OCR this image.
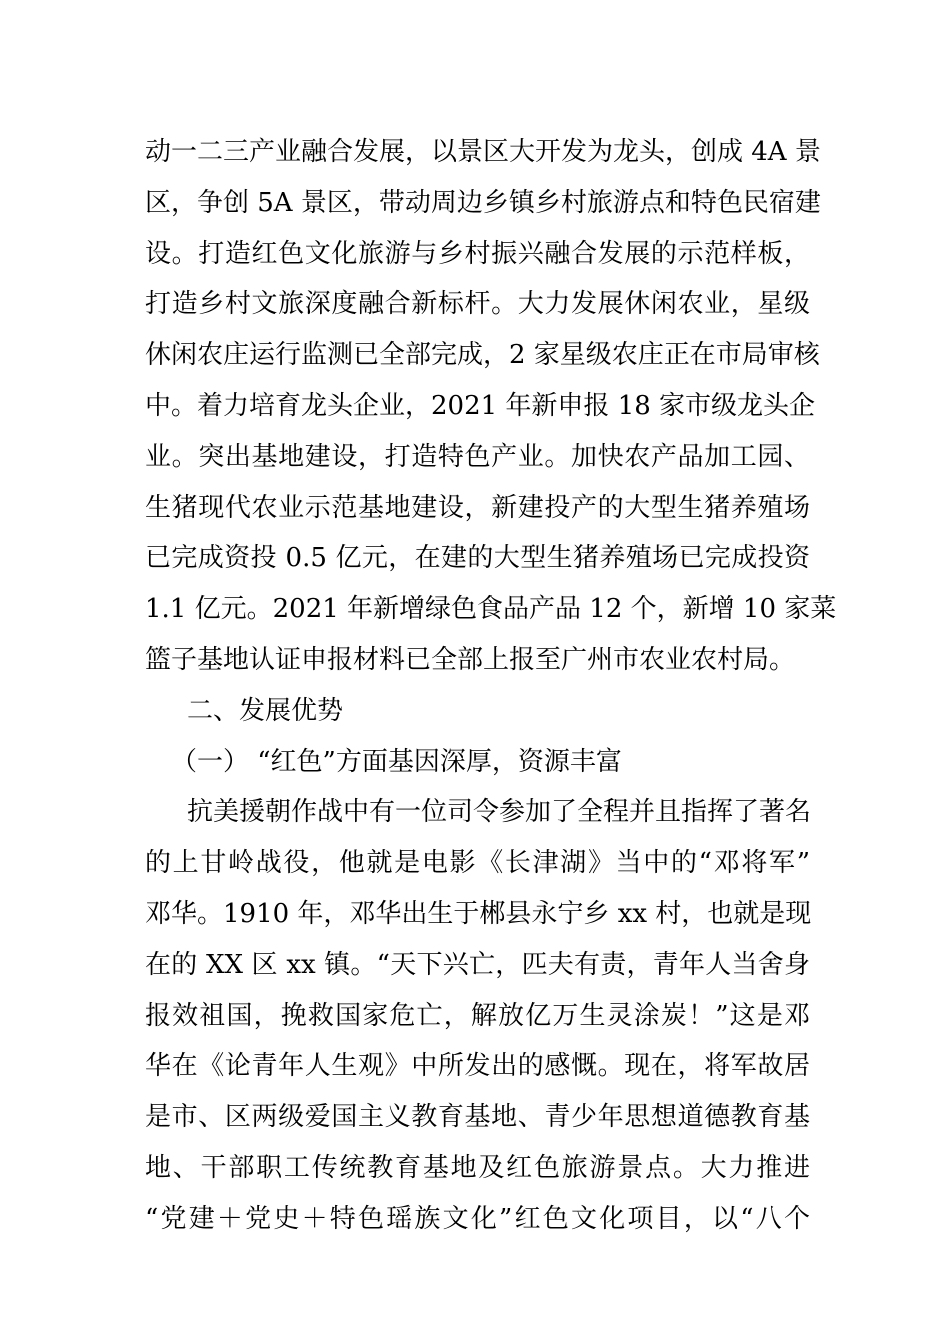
动一二三产业融合发展，以景区大开发为龙头，创成 4A 景
区，争创 5A 景区，带动周边乡镇乡村旅游点和特色民宿建
设。打造红色文化旅游与乡村振兴融合发展的示范样板，
打造乡村文旅深度融合新标杆。大力发展休闲农业，星级
休闲农庄运行监测已全部完成，2 家星级农庄正在市局审核
中。着力培育龙头企业，2021 年新申报 18 家市级龙头企
业。突出基地建设，打造特色产业。加快农产品加工园、
生猪现代农业示范基地建设，新建投产的大型生猪养殖场
已完成资投 0.5 亿元，在建的大型生猪养殖场已完成投资
1.1 亿元。2021 年新增绿色食品产品 12 个，新增 10 家菜
篮子基地认证申报材料已全部上报至广州市农业农村局。
　二、发展优势
（一） “红色”方面基因深厚，资源丰富
　抗美援朝作战中有一位司令参加了全程并且指挥了著名
的上甘岭战役，他就是电影《长津湖》当中的“邓将军”
邓华。1910 年，邓华出生于郴县永宁乡 xx 村，也就是现
在的 XX 区 xx 镇。“天下兴亡，匹夫有责，青年人当舍身
报效祖国，挽救国家危亡，解放亿万生灵涂炭！”这是邓
华在《论青年人生观》中所发出的感慨。现在，将军故居
是市、区两级爱国主义教育基地、青少年思想道德教育基
地、干部职工传统教育基地及红色旅游景点。大力推进
“党建＋党史＋特色瑶族文化”红色文化项目，以“八个
